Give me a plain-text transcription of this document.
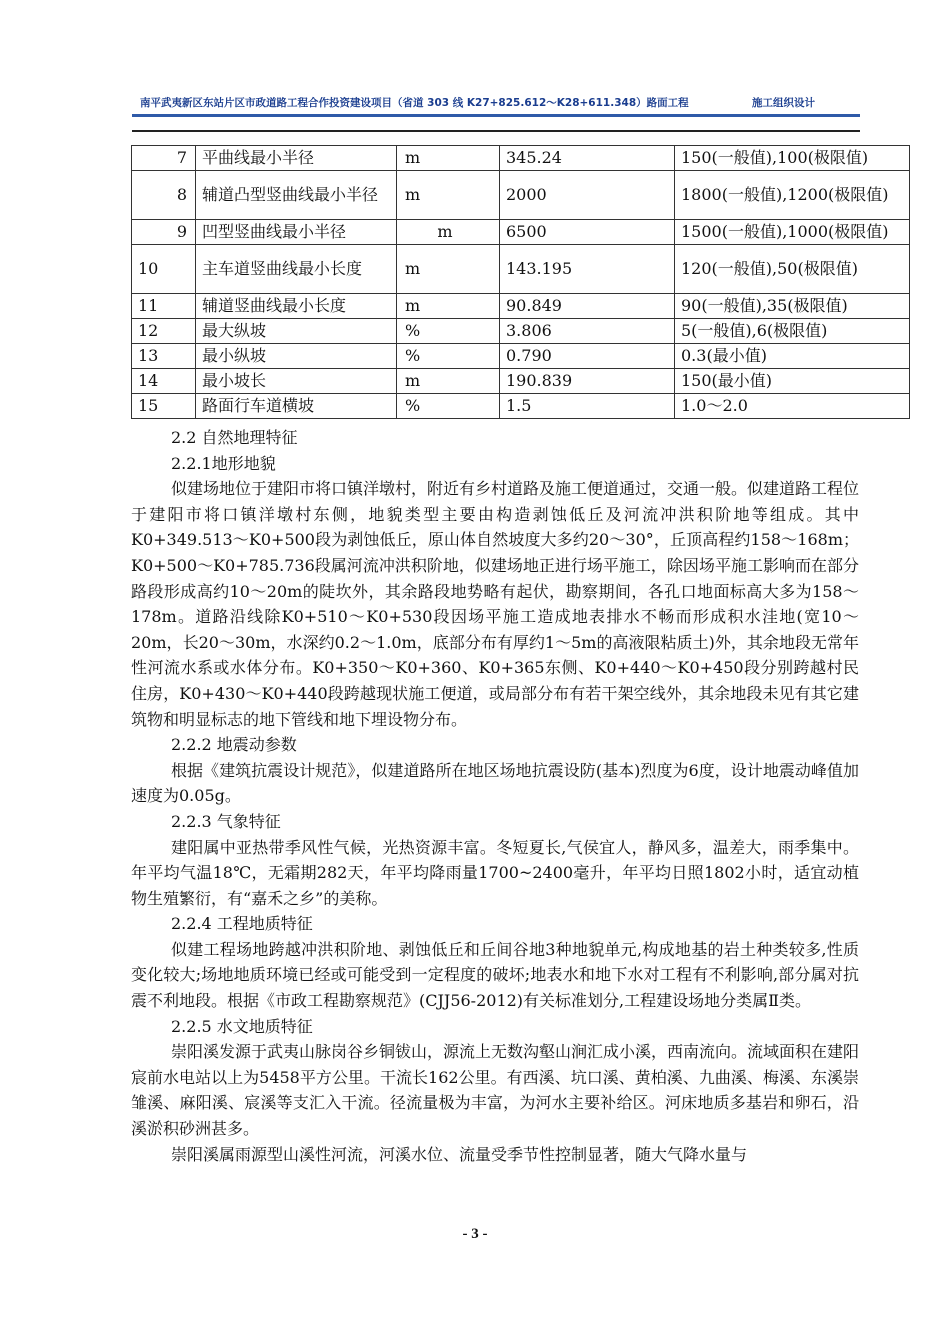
南平武夷新区东站片区市政道路工程合作投资建设项目（省道 303 线 K27+825.612～K28+611.348）路面工程	施工组织设计
7	平曲线最小半径	m	345.24	150(一般值),100(极限值)
8	辅道凸型竖曲线最小半径	m	2000	1800(一般值),1200(极限值)
9	凹型竖曲线最小半径	m	6500	1500(一般值),1000(极限值)
10	主车道竖曲线最小长度	m	143.195	120(一般值),50(极限值)
11	辅道竖曲线最小长度	m	90.849	90(一般值),35(极限值)
12	最大纵坡	%	3.806	5(一般值),6(极限值)
13	最小纵坡	%	0.790	0.3(最小值)
14	最小坡长	m	190.839	150(最小值)
15	路面行车道横坡	%	1.5	1.0～2.0

2.2 自然地理特征

2.2.1地形地貌

似建场地位于建阳市将口镇洋墩村，附近有乡村道路及施工便道通过，交通一般。似建道路工程位于建阳市将口镇洋墩村东侧，地貌类型主要由构造剥蚀低丘及河流冲洪积阶地等组成。其中K0+349.513～K0+500段为剥蚀低丘，原山体自然坡度大多约20～30°，丘顶高程约158～168m；K0+500～K0+785.736段属河流冲洪积阶地，似建场地正进行场平施工，除因场平施工影响而在部分路段形成高约10～20m的陡坎外，其余路段地势略有起伏，勘察期间，各孔口地面标高大多为158～178m。道路沿线除K0+510～K0+530段因场平施工造成地表排水不畅而形成积水洼地(宽10～20m，长20～30m，水深约0.2～1.0m，底部分布有厚约1～5m的高液限粘质土)外，其余地段无常年性河流水系或水体分布。K0+350～K0+360、K0+365东侧、K0+440～K0+450段分别跨越村民住房，K0+430～K0+440段跨越现状施工便道，或局部分布有若干架空线外，其余地段未见有其它建筑物和明显标志的地下管线和地下埋设物分布。

2.2.2 地震动参数

根据《建筑抗震设计规范》，似建道路所在地区场地抗震设防(基本)烈度为6度，设计地震动峰值加速度为0.05g。

2.2.3 气象特征

建阳属中亚热带季风性气候，光热资源丰富。冬短夏长,气侯宜人，静风多，温差大，雨季集中。年平均气温18℃，无霜期282天，年平均降雨量1700~2400毫升，年平均日照1802小时，适宜动植物生殖繁衍，有“嘉禾之乡”的美称。

2.2.4 工程地质特征

似建工程场地跨越冲洪积阶地、剥蚀低丘和丘间谷地3种地貌单元,构成地基的岩土种类较多,性质变化较大;场地地质环境已经或可能受到一定程度的破坏;地表水和地下水对工程有不利影响,部分属对抗震不利地段。根据《市政工程勘察规范》(CJJ56-2012)有关标准划分,工程建设场地分类属Ⅱ类。

2.2.5 水文地质特征

崇阳溪发源于武夷山脉岗谷乡铜钹山，源流上无数沟壑山涧汇成小溪，西南流向。流域面积在建阳宸前水电站以上为5458平方公里。干流长162公里。有西溪、坑口溪、黄柏溪、九曲溪、梅溪、东溪崇雏溪、麻阳溪、宸溪等支汇入干流。径流量极为丰富，为河水主要补给区。河床地质多基岩和卵石，沿溪淤积砂洲甚多。

崇阳溪属雨源型山溪性河流，河溪水位、流量受季节性控制显著，随大气降水量与

- 3 -
